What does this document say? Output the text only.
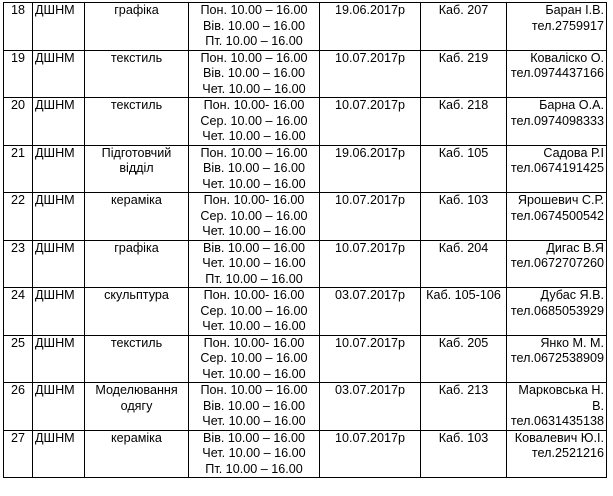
18	ДШНМ	графіка	Пон. 10.00 – 16.00
Вів. 10.00 – 16.00
Пт. 10.00 – 16.00	19.06.2017р	Каб. 207	Баран І.В.
тел.2759917

19	ДШНМ	текстиль	Пон. 10.00 – 16.00
Вів. 10.00 – 16.00
Чет. 10.00 – 16.00	10.07.2017р	Каб. 219	Коваліско О.
тел.0974437166

20	ДШНМ	текстиль	Пон. 10.00- 16.00
Сер. 10.00 – 16.00
Чет. 10.00 – 16.00	10.07.2017р	Каб. 218	Барна О.А.
тел.0974098333

21	ДШНМ	Підготовчий відділ	Пон. 10.00 – 16.00
Вів. 10.00 – 16.00
Чет. 10.00 – 16.00	19.06.2017р	Каб. 105	Садова Р.І
тел.0674191425

22	ДШНМ	кераміка	Пон. 10.00- 16.00
Сер. 10.00 – 16.00
Чет. 10.00 – 16.00	10.07.2017р	Каб. 103	Ярошевич С.Р.
тел.0674500542

23	ДШНМ	графіка	Вів. 10.00 – 16.00
Чет. 10.00 – 16.00
Пт. 10.00 – 16.00	10.07.2017р	Каб. 204	Дигас В.Я
тел.0672707260

24	ДШНМ	скульптура	Пон. 10.00- 16.00
Сер. 10.00 – 16.00
Чет. 10.00 – 16.00	03.07.2017р	Каб. 105-106	Дубас Я.В.
тел.0685053929

25	ДШНМ	текстиль	Пон. 10.00- 16.00
Сер. 10.00 – 16.00
Чет. 10.00 – 16.00	10.07.2017р	Каб. 205	Янко М. М.
тел.0672538909

26	ДШНМ	Моделювання одягу	Пон. 10.00 – 16.00
Вів. 10.00 – 16.00
Чет. 10.00 – 16.00	03.07.2017р	Каб. 213	Марковська Н. В.
тел.0631435138

27	ДШНМ	кераміка	Вів. 10.00 – 16.00
Чет. 10.00 – 16.00
Пт. 10.00 – 16.00	10.07.2017р	Каб. 103	Ковалевич Ю.І.
тел.2521216
